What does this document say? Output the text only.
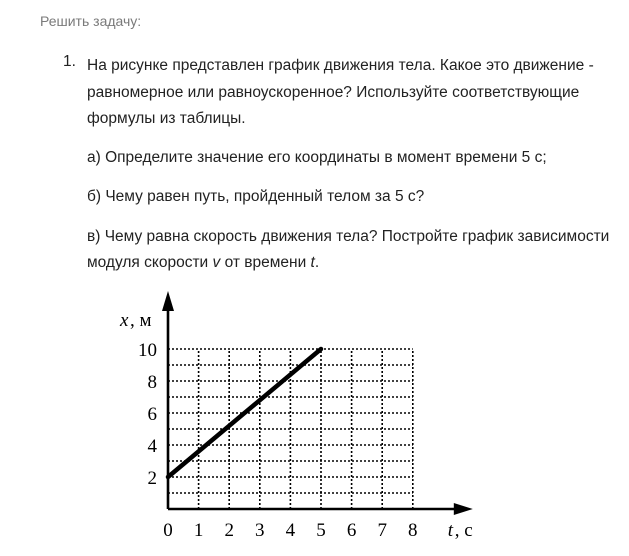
Решить задачу:
1. На рисунке представлен график движения тела. Какое это движение - равномерное или равноускоренное? Используйте соответствующие формулы из таблицы.

а) Определите значение его координаты в момент времени 5 с;

б) Чему равен путь, пройденный телом за 5 с?

в) Чему равна скорость движения тела? Постройте график зависимости модуля скорости v от времени t.

0 1 2 3 4 5 6 7 8
2
4
6
8
10
x , м
t , с
